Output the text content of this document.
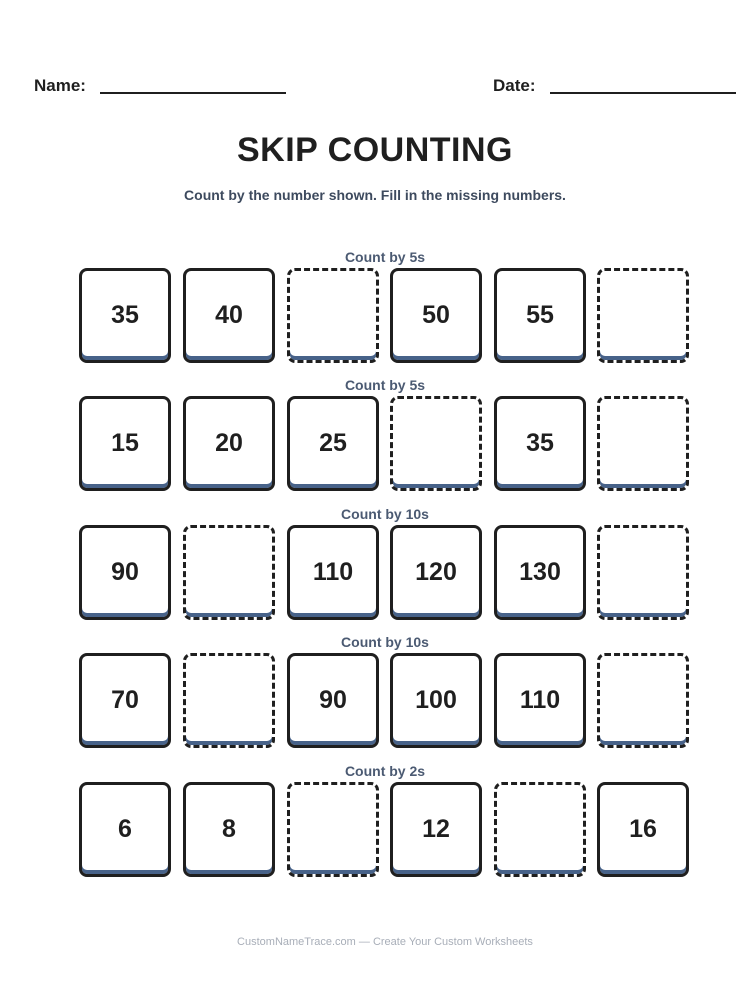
Name:	Date:
SKIP COUNTING
Count by the number shown. Fill in the missing numbers.
Count by 5s
35	40	50	55
Count by 5s
15	20	25	35
Count by 10s
90	110	120	130
Count by 10s
70	90	100	110
Count by 2s
6	8	12	16
CustomNameTrace.com — Create Your Custom Worksheets
